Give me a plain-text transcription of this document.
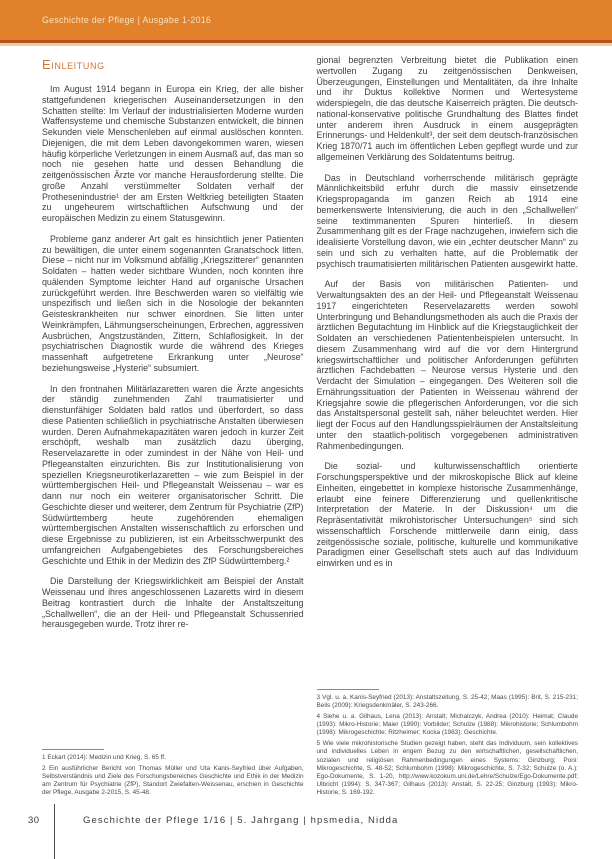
Geschichte der Pflege | Ausgabe 1-2016
Einleitung

Im August 1914 begann in Europa ein Krieg, der alle bisher stattgefundenen kriegerischen Auseinandersetzungen in den Schatten stellte: Im Verlauf der industrialisierten Moderne wurden Waffensysteme und chemische Substanzen entwickelt, die binnen Sekunden viele Menschenleben auf einmal auslöschen konnten. Diejenigen, die mit dem Leben davongekommen waren, wiesen häufig körperliche Verletzungen in einem Ausmaß auf, das man so noch nie gesehen hatte und dessen Behandlung die zeitgenössischen Ärzte vor manche Herausforderung stellte. Die große Anzahl verstümmelter Soldaten verhalf der Prothesenindustrie¹ der am Ersten Weltkrieg beteiligten Staaten zu ungeheurem wirtschaftlichen Aufschwung und der europäischen Medizin zu einem Statusgewinn.

Probleme ganz anderer Art galt es hinsichtlich jener Patienten zu bewältigen, die unter einem sogenannten Granatschock litten. Diese – nicht nur im Volksmund abfällig „Kriegszitterer“ genannten Soldaten – hatten weder sichtbare Wunden, noch konnten ihre quälenden Symptome leichter Hand auf organische Ursachen zurückgeführt werden. Ihre Beschwerden waren so vielfältig wie unspezifisch und ließen sich in die Nosologie der bekannten Geisteskrankheiten nur schwer einordnen. Sie litten unter Weinkrämpfen, Lähmungserscheinungen, Erbrechen, aggressiven Ausbrüchen, Angstzuständen, Zittern, Schlaflosigkeit. In der psychiatrischen Diagnostik wurde die während des Krieges massenhaft aufgetretene Erkrankung unter „Neurose“ beziehungsweise „Hysterie“ subsumiert.

In den frontnahen Militärlazaretten waren die Ärzte angesichts der ständig zunehmenden Zahl traumatisierter und dienstunfähiger Soldaten bald ratlos und überfordert, so dass diese Patienten schließlich in psychiatrische Anstalten überwiesen wurden. Deren Aufnahmekapazitäten waren jedoch in kurzer Zeit erschöpft, weshalb man zusätzlich dazu überging, Reservelazarette in oder zumindest in der Nähe von Heil- und Pflegeanstalten einzurichten. Bis zur Institutionalisierung von speziellen Kriegsneurotikerlazaretten – wie zum Beispiel in der württembergischen Heil- und Pflegeanstalt Weissenau – war es dann nur noch ein weiterer organisatorischer Schritt. Die Geschichte dieser und weiterer, dem Zentrum für Psychiatrie (ZfP) Südwürttemberg heute zugehörenden ehemaligen württembergischen Anstalten wissenschaftlich zu erforschen und diese Ergebnisse zu publizieren, ist ein Arbeitsschwerpunkt des umfangreichen Aufgabengebietes des Forschungsbereiches Geschichte und Ethik in der Medizin des ZfP Südwürttemberg.²

Die Darstellung der Kriegswirklichkeit am Beispiel der Anstalt Weissenau und ihres angeschlossenen Lazaretts wird in diesem Beitrag kontrastiert durch die Inhalte der Anstaltszeitung „Schallwellen“, die an der Heil- und Pflegeanstalt Schussenried herausgegeben wurde. Trotz ihrer re-

1 Eckart (2014): Medizin und Krieg, S. 65 ff.

2 Ein ausführlicher Bericht von Thomas Müller und Uta Kanis-Seyfried über Aufgaben, Selbstverständnis und Ziele des Forschungsbereiches Geschichte und Ethik in der Medizin am Zentrum für Psychiatrie (ZfP), Standort Zwiefalten-Weissenau, erschien in Geschichte der Pflege, Ausgabe 2-2015, S. 45-48.

gional begrenzten Verbreitung bietet die Publikation einen wertvollen Zugang zu zeitgenössischen Denkweisen, Überzeugungen, Einstellungen und Mentalitäten, da ihre Inhalte und ihr Duktus kollektive Normen und Wertesysteme widerspiegeln, die das deutsche Kaiserreich prägten. Die deutsch-national-konservative politische Grundhaltung des Blattes findet unter anderem ihren Ausdruck in einem ausgeprägten Erinnerungs- und Heldenkult³, der seit dem deutsch-französischen Krieg 1870/71 auch im öffentlichen Leben gepflegt wurde und zur allgemeinen Verklärung des Soldatentums beitrug.

Das in Deutschland vorherrschende militärisch geprägte Männlichkeitsbild erfuhr durch die massiv einsetzende Kriegspropaganda im ganzen Reich ab 1914 eine bemerkenswerte Intensivierung, die auch in den „Schallwellen“ seine textimmanenten Spuren hinterließ. In diesem Zusammenhang gilt es der Frage nachzugehen, inwiefern sich die idealisierte Vorstellung davon, wie ein „echter deutscher Mann“ zu sein und sich zu verhalten hatte, auf die Problematik der psychisch traumatisierten militärischen Patienten ausgewirkt hatte.

Auf der Basis von militärischen Patienten- und Verwaltungsakten des an der Heil- und Pflegeanstalt Weissenau 1917 eingerichteten Reservelazaretts werden sowohl Unterbringung und Behandlungsmethoden als auch die Praxis der ärztlichen Begutachtung im Hinblick auf die Kriegstauglichkeit der Soldaten an verschiedenen Patientenbeispielen untersucht. In diesem Zusammenhang wird auf die vor dem Hintergrund kriegswirtschaftlicher und politischer Anforderungen geführten ärztlichen Fachdebatten – Neurose versus Hysterie und den Verdacht der Simulation – eingegangen. Des Weiteren soll die Ernährungssituation der Patienten in Weissenau während der Kriegsjahre sowie die pflegerischen Anforderungen, vor die sich das Anstaltspersonal gestellt sah, näher beleuchtet werden. Hier liegt der Focus auf den Handlungsspielräumen der Anstaltsleitung unter den staatlich-politisch vorgegebenen administrativen Rahmenbedingungen.

Die sozial- und kulturwissenschaftlich orientierte Forschungsperspektive und der mikroskopische Blick auf kleine Einheiten, eingebettet in komplexe historische Zusammenhänge, erlaubt eine feinere Differenzierung und quellenkritische Interpretation der Materie. In der Diskussion⁴ um die Repräsentativität mikrohistorischer Untersuchungen⁵ sind sich wissenschaftlich Forschende mittlerweile dann einig, dass zeitgenössische soziale, politische, kulturelle und kommunikative Paradigmen einer Gesellschaft stets auch auf das Individuum einwirken und es in

3 Vgl. u. a. Kanis-Seyfried (2013): Anstaltszeitung, S. 25-42; Maas (1995): Brit, S. 215-231; Beils (2009): Kriegsdenkmäler, S. 243-266.

4 Siehe u. a. Gilhaus, Lena (2013): Anstalt; Michalczyk, Andrea (2010): Heimat; Claude (1993): Mikro-Historie; Maier (1990): Vorbilder; Schulze (1988): Mikrohistorie; Schlumbohm (1998): Mikrogeschichte; Ritzheimer; Kocka (1983): Geschichte.

5 Wie viele mikrohistorische Studien gezeigt haben, steht das Individuum, sein kollektives und individuelles Leben in engem Bezug zu den wirtschaftlichen, gesellschaftlichen, sozialen und religiösen Rahmenbedingungen eines Systems: Ginzburg; Poni: Mikrogeschichte, S. 48-52; Schlumbohm (1998): Mikrogeschichte, S. 7-32; Schulze (o. A.): Ego-Dokumente, S. 1-20, http://www.kozokum.uni.de/Lehre/Schulze/Ego-Dokumente.pdf; Ulbricht (1994): S. 347-367; Gilhaus (2013): Anstalt, S. 22-25; Ginzburg (1993): Mikro-Historie, S. 169-192.

30	Geschichte der Pflege 1/16 | 5. Jahrgang | hpsmedia, Nidda
